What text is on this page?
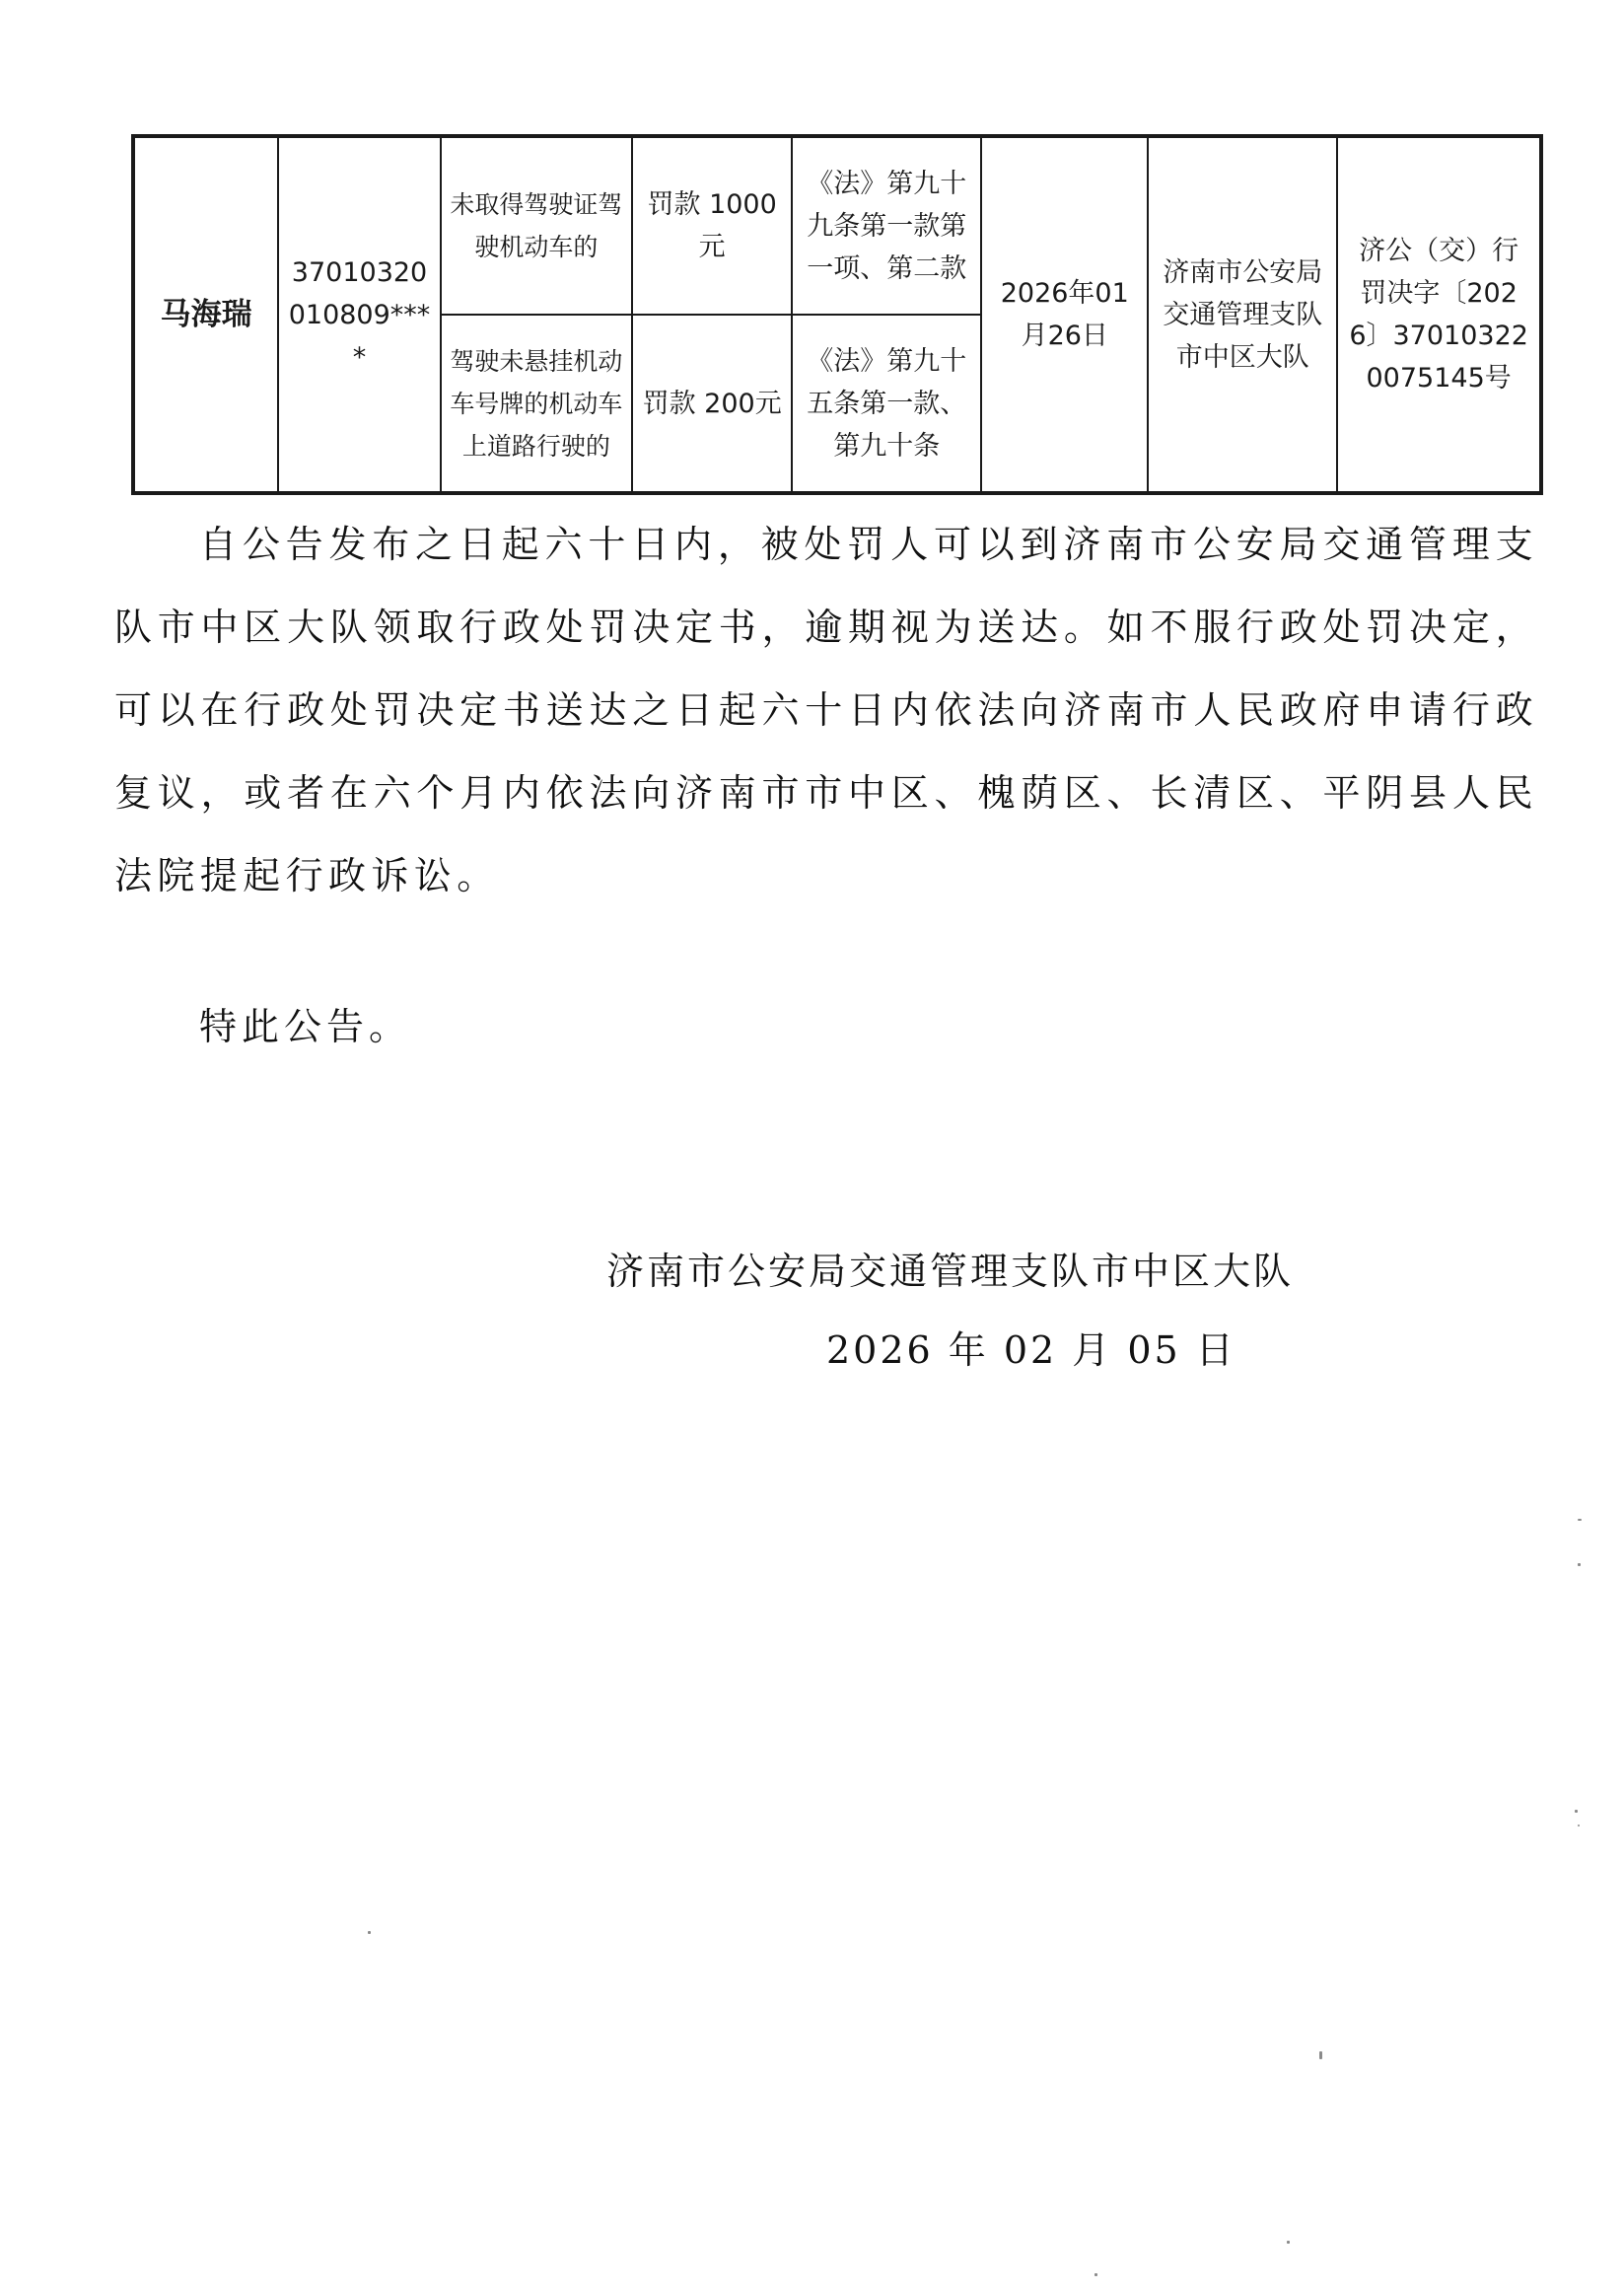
马海瑞	37010320010809****	未取得驾驶证驾驶机动车的	罚款 1000元	《法》第九十九条第一款第一项、第二款	2026年01月26日	济南市公安局交通管理支队市中区大队	济公（交）行罚决字〔2026〕370103220075145号
		驾驶未悬挂机动车号牌的机动车上道路行驶的	罚款 200元	《法》第九十五条第一款、第九十条			

自公告发布之日起六十日内，被处罚人可以到济南市公安局交通管理支队市中区大队领取行政处罚决定书，逾期视为送达。如不服行政处罚决定，可以在行政处罚决定书送达之日起六十日内依法向济南市人民政府申请行政复议，或者在六个月内依法向济南市市中区、槐荫区、长清区、平阴县人民法院提起行政诉讼。

特此公告。

济南市公安局交通管理支队市中区大队

2026 年 02 月 05 日
